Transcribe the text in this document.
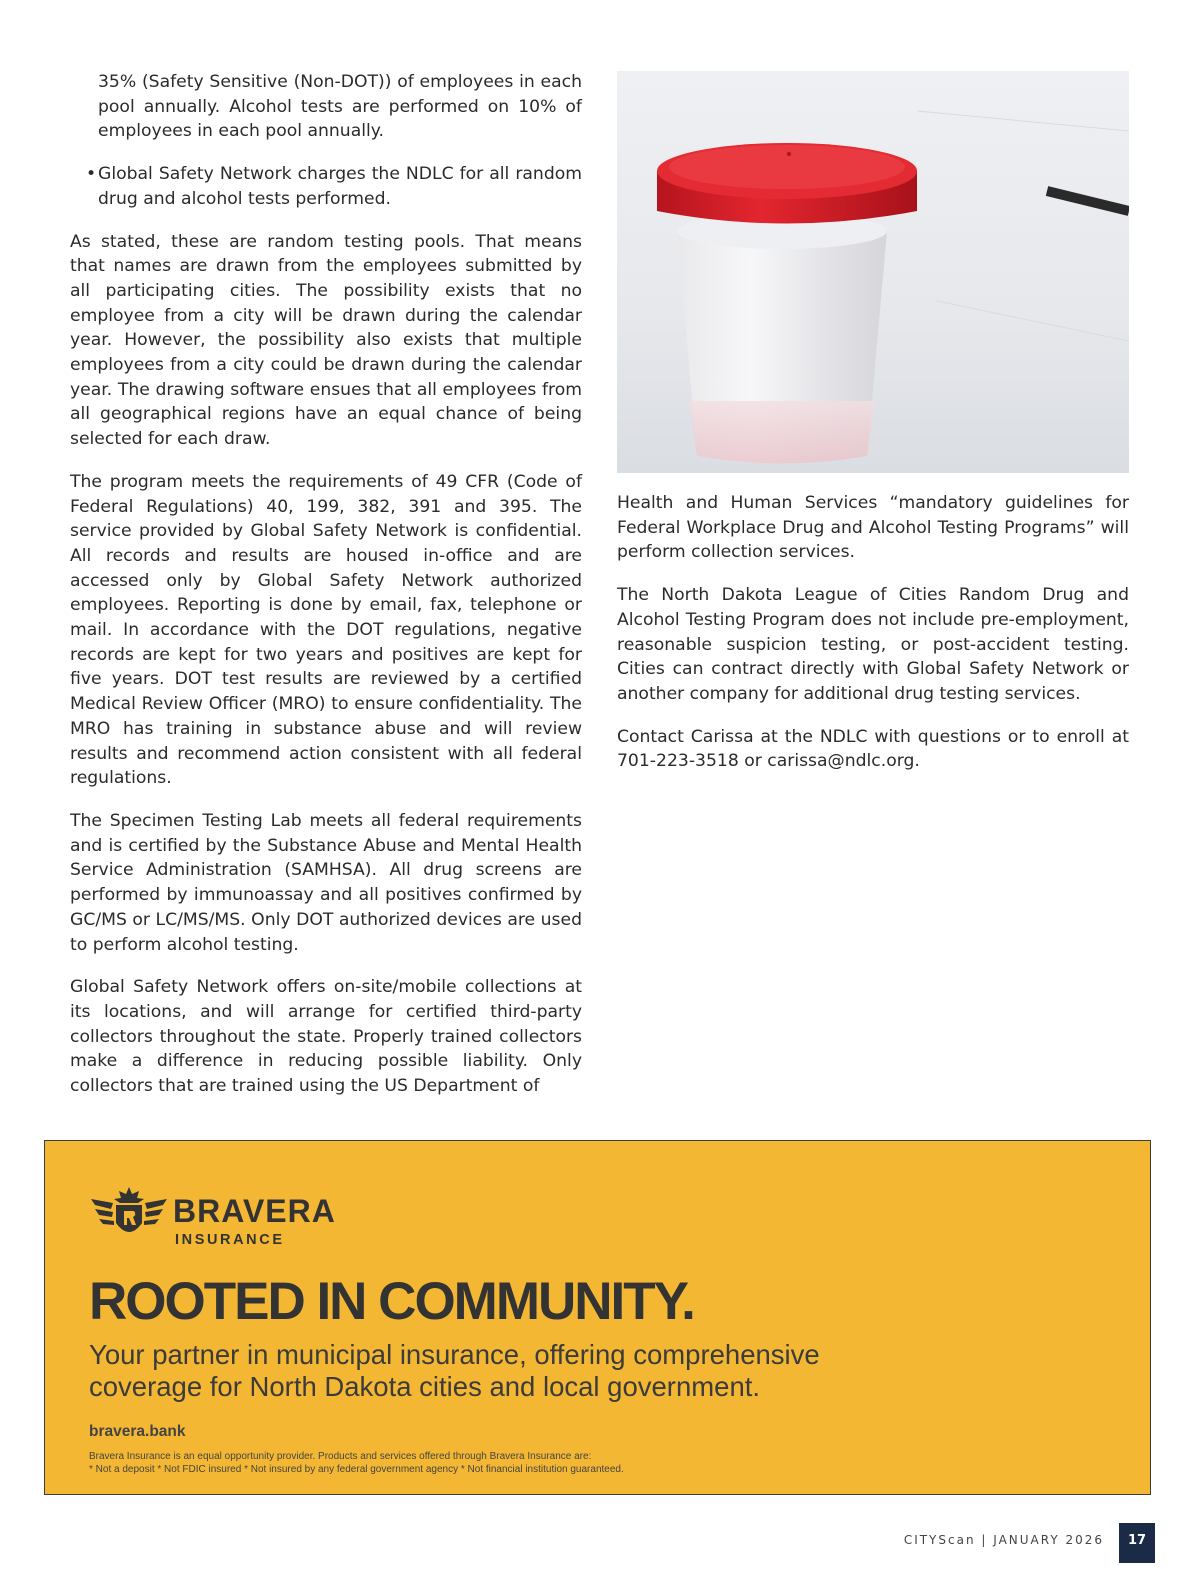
35% (Safety Sensitive (Non-DOT)) of employees in each pool annually. Alcohol tests are performed on 10% of employees in each pool annually.

• Global Safety Network charges the NDLC for all random drug and alcohol tests performed.

As stated, these are random testing pools. That means that names are drawn from the employees submitted by all participating cities. The possibility exists that no employee from a city will be drawn during the calendar year. However, the possibility also exists that multiple employees from a city could be drawn during the calendar year. The drawing software ensues that all employees from all geographical regions have an equal chance of being selected for each draw.

The program meets the requirements of 49 CFR (Code of Federal Regulations) 40, 199, 382, 391 and 395. The service provided by Global Safety Network is confidential. All records and results are housed in-office and are accessed only by Global Safety Network authorized employees. Reporting is done by email, fax, telephone or mail. In accordance with the DOT regulations, negative records are kept for two years and positives are kept for five years. DOT test results are reviewed by a certified Medical Review Officer (MRO) to ensure confidentiality. The MRO has training in substance abuse and will review results and recommend action consistent with all federal regulations.

The Specimen Testing Lab meets all federal requirements and is certified by the Substance Abuse and Mental Health Service Administration (SAMHSA). All drug screens are performed by immunoassay and all positives confirmed by GC/MS or LC/MS/MS. Only DOT authorized devices are used to perform alcohol testing.

Global Safety Network offers on-site/mobile collections at its locations, and will arrange for certified third-party collectors throughout the state. Properly trained collectors make a difference in reducing possible liability. Only collectors that are trained using the US Department of

Health and Human Services “mandatory guidelines for Federal Workplace Drug and Alcohol Testing Programs” will perform collection services.

The North Dakota League of Cities Random Drug and Alcohol Testing Program does not include pre-employment, reasonable suspicion testing, or post-accident testing. Cities can contract directly with Global Safety Network or another company for additional drug testing services.

Contact Carissa at the NDLC with questions or to enroll at 701-223-3518 or carissa@ndlc.org.

BRAVERA
INSURANCE
ROOTED IN COMMUNITY.
Your partner in municipal insurance, offering comprehensive coverage for North Dakota cities and local government.
bravera.bank
Bravera Insurance is an equal opportunity provider. Products and services offered through Bravera Insurance are:
* Not a deposit * Not FDIC insured * Not insured by any federal government agency * Not financial institution guaranteed.
CITYScan | JANUARY 2026	17
